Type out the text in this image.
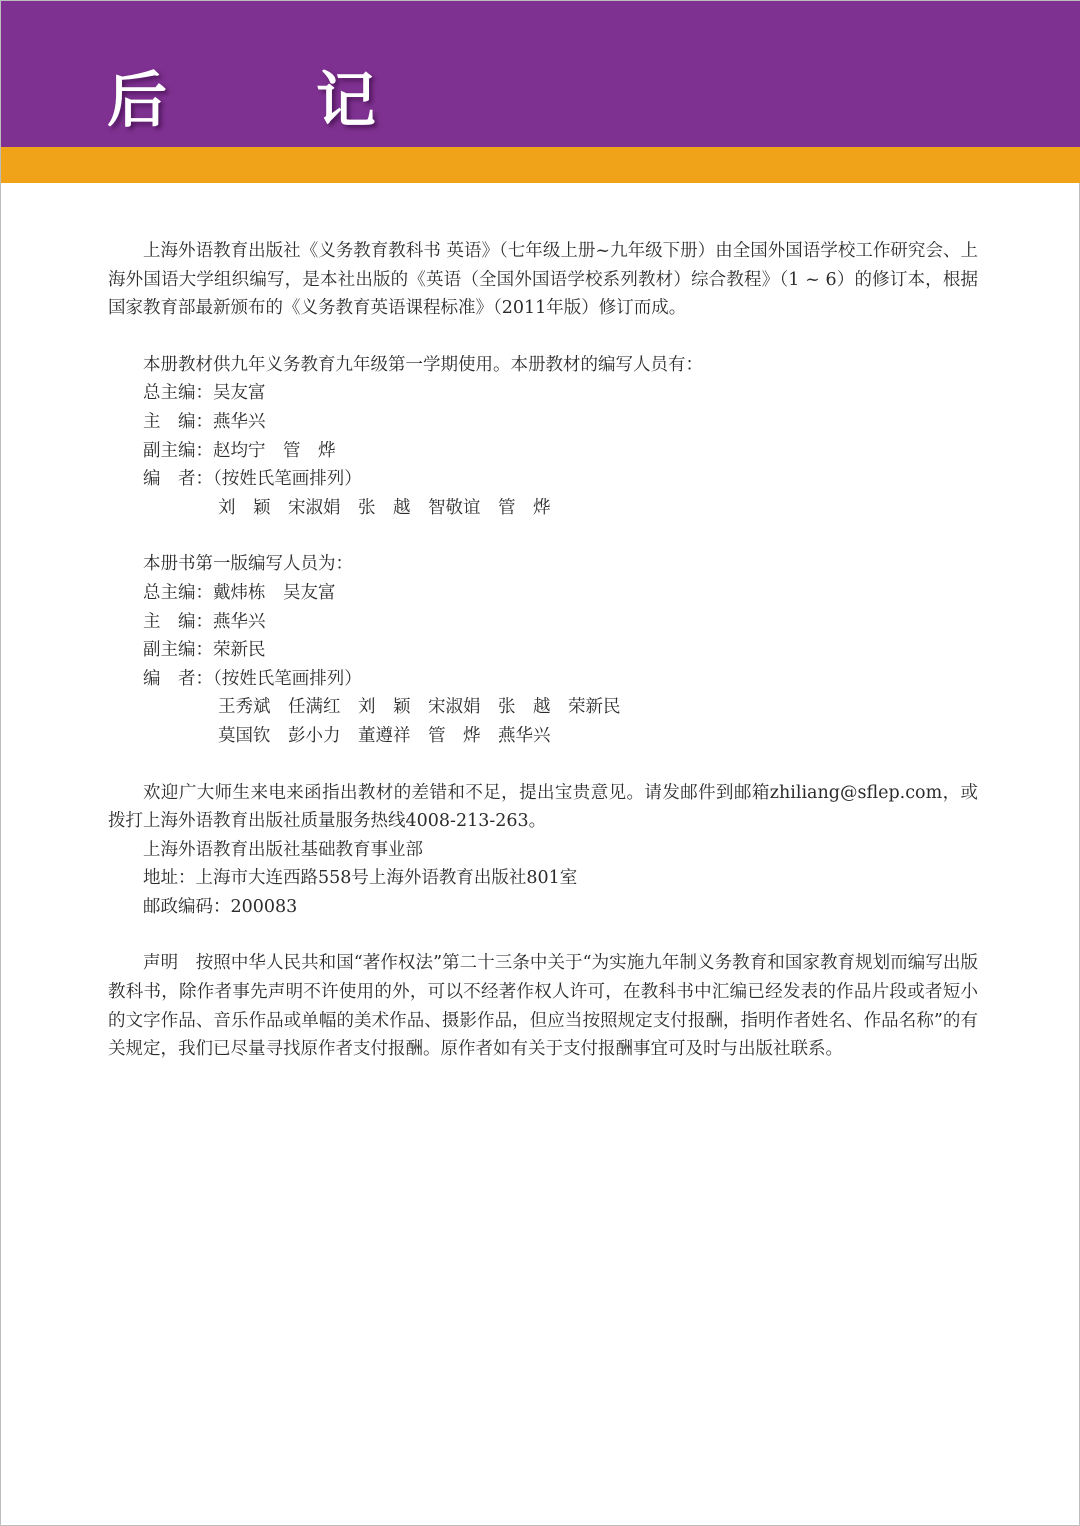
后 记

上海外语教育出版社《义务教育教科书 英语》（七年级上册~九年级下册）由全国外国语学校工作研究会、上海外国语大学组织编写，是本社出版的《英语（全国外国语学校系列教材）综合教程》（1 ~ 6）的修订本，根据国家教育部最新颁布的《义务教育英语课程标准》（2011年版）修订而成。

本册教材供九年义务教育九年级第一学期使用。本册教材的编写人员有：

总主编：吴友富

主　编：燕华兴

副主编：赵均宁　管　烨

编　者：（按姓氏笔画排列）

刘　颖　宋淑娟　张　越　智敬谊　管　烨

本册书第一版编写人员为：

总主编：戴炜栋　吴友富

主　编：燕华兴

副主编：荣新民

编　者：（按姓氏笔画排列）

王秀斌　任满红　刘　颖　宋淑娟　张　越　荣新民

莫国钦　彭小力　董遵祥　管　烨　燕华兴

欢迎广大师生来电来函指出教材的差错和不足，提出宝贵意见。请发邮件到邮箱zhiliang@sflep.com，或拨打上海外语教育出版社质量服务热线4008-213-263。

上海外语教育出版社基础教育事业部

地址：上海市大连西路558号上海外语教育出版社801室

邮政编码：200083

声明　按照中华人民共和国“著作权法”第二十三条中关于“为实施九年制义务教育和国家教育规划而编写出版教科书，除作者事先声明不许使用的外，可以不经著作权人许可，在教科书中汇编已经发表的作品片段或者短小的文字作品、音乐作品或单幅的美术作品、摄影作品，但应当按照规定支付报酬，指明作者姓名、作品名称”的有关规定，我们已尽量寻找原作者支付报酬。原作者如有关于支付报酬事宜可及时与出版社联系。
